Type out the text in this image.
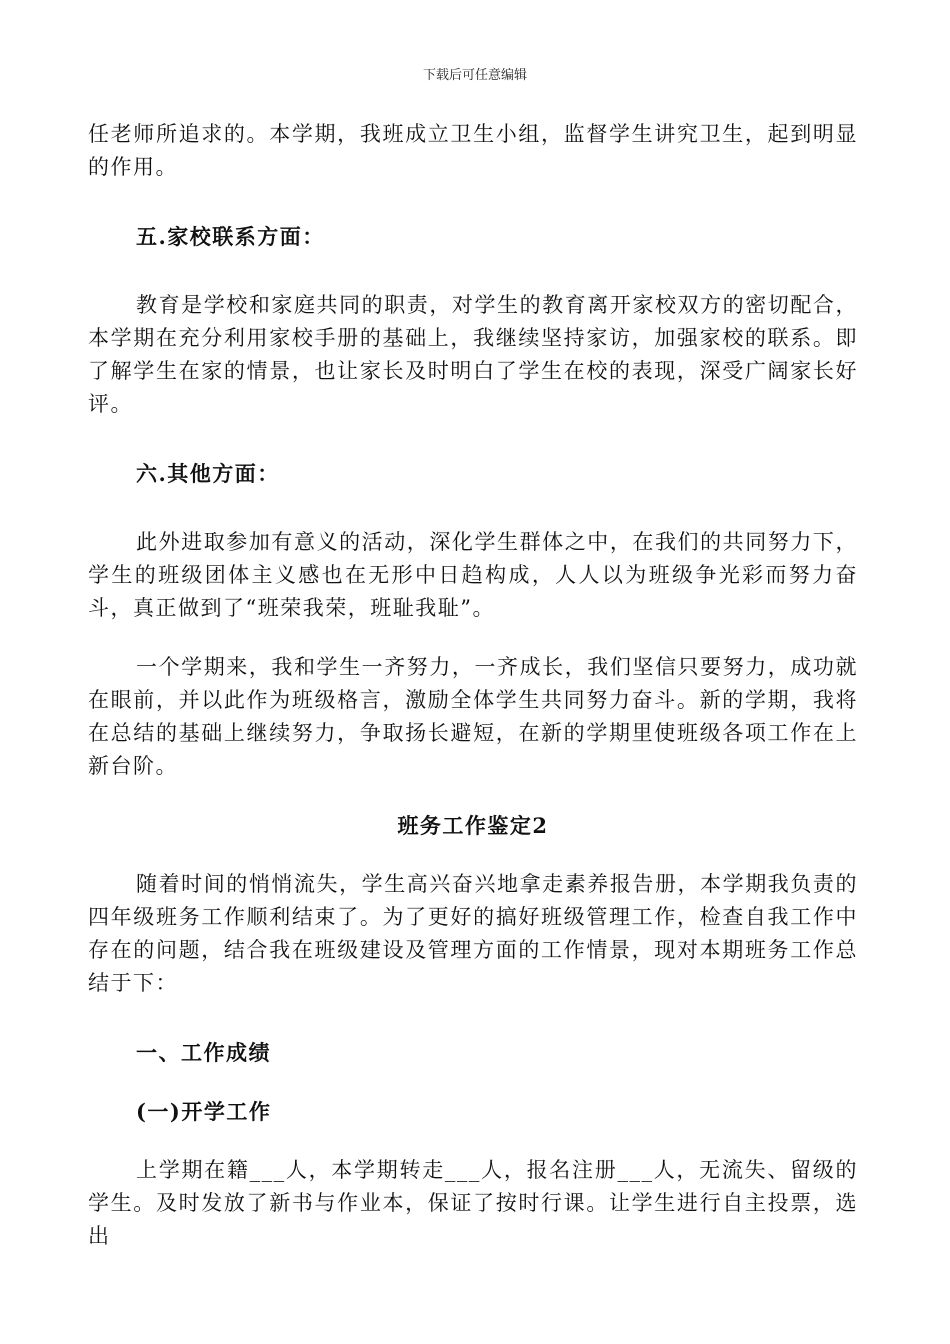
下载后可任意编辑

任老师所追求的。本学期，我班成立卫生小组，监督学生讲究卫生，起到明显的作用。

五.家校联系方面：

教育是学校和家庭共同的职责，对学生的教育离开家校双方的密切配合，本学期在充分利用家校手册的基础上，我继续坚持家访，加强家校的联系。即了解学生在家的情景，也让家长及时明白了学生在校的表现，深受广阔家长好评。

六.其他方面：

此外进取参加有意义的活动，深化学生群体之中，在我们的共同努力下，学生的班级团体主义感也在无形中日趋构成，人人以为班级争光彩而努力奋斗，真正做到了“班荣我荣，班耻我耻”。

一个学期来，我和学生一齐努力，一齐成长，我们坚信只要努力，成功就在眼前，并以此作为班级格言，激励全体学生共同努力奋斗。新的学期，我将在总结的基础上继续努力，争取扬长避短，在新的学期里使班级各项工作在上新台阶。

班务工作鉴定2

随着时间的悄悄流失，学生高兴奋兴地拿走素养报告册，本学期我负责的四年级班务工作顺利结束了。为了更好的搞好班级管理工作，检查自我工作中存在的问题，结合我在班级建设及管理方面的工作情景，现对本期班务工作总结于下：

一、工作成绩

(一)开学工作

上学期在籍___人，本学期转走___人，报名注册___人，无流失、留级的学生。及时发放了新书与作业本，保证了按时行课。让学生进行自主投票，选出
